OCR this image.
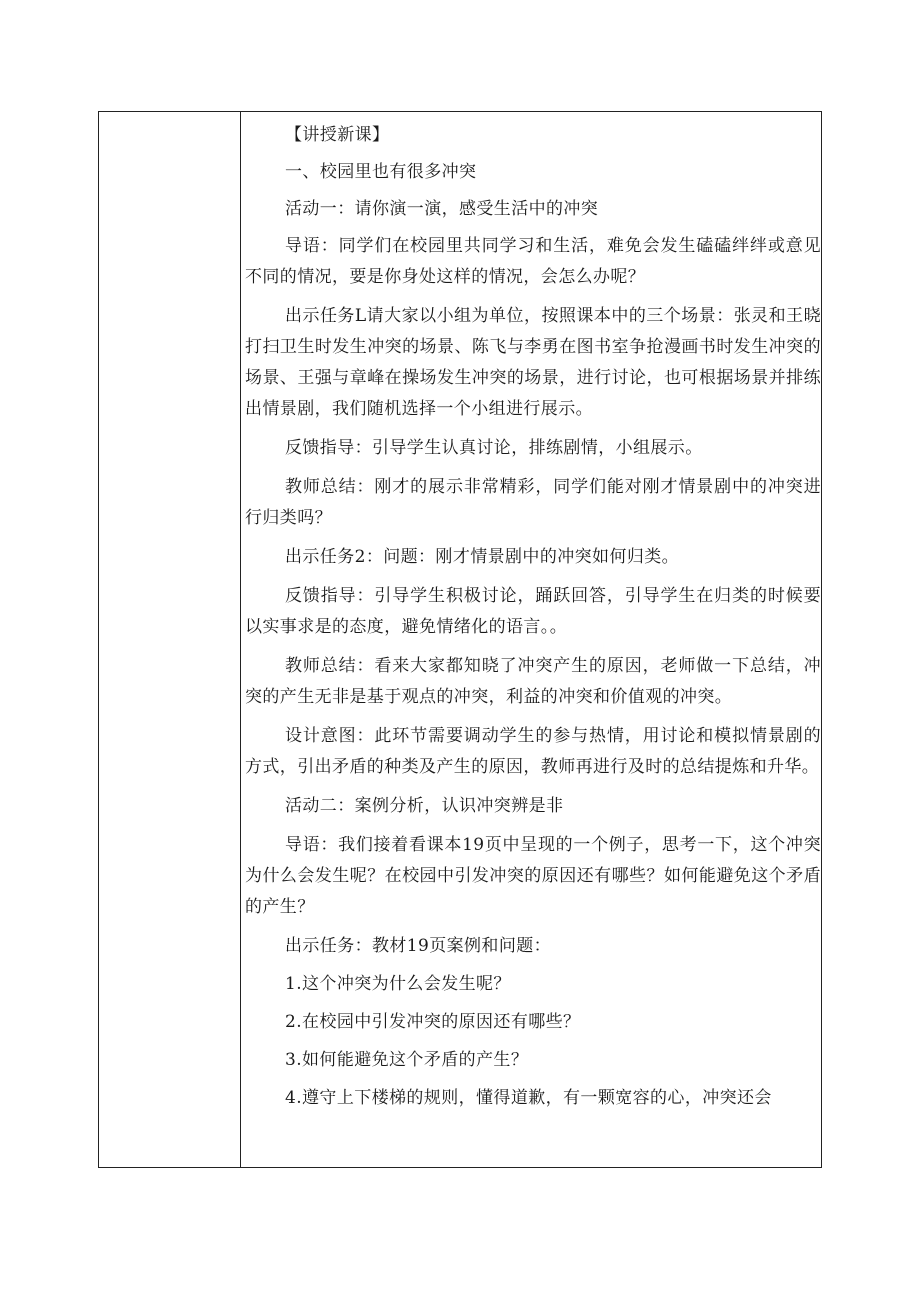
【讲授新课】

一、校园里也有很多冲突

活动一：请你演一演，感受生活中的冲突

导语：同学们在校园里共同学习和生活，难免会发生磕磕绊绊或意见不同的情况，要是你身处这样的情况，会怎么办呢？

出示任务L请大家以小组为单位，按照课本中的三个场景：张灵和王晓打扫卫生时发生冲突的场景、陈飞与李勇在图书室争抢漫画书时发生冲突的场景、王强与章峰在操场发生冲突的场景，进行讨论，也可根据场景并排练出情景剧，我们随机选择一个小组进行展示。

反馈指导：引导学生认真讨论，排练剧情，小组展示。

教师总结：刚才的展示非常精彩，同学们能对刚才情景剧中的冲突进行归类吗？

出示任务2：问题：刚才情景剧中的冲突如何归类。

反馈指导：引导学生积极讨论，踊跃回答，引导学生在归类的时候要以实事求是的态度，避免情绪化的语言。。

教师总结：看来大家都知晓了冲突产生的原因，老师做一下总结，冲突的产生无非是基于观点的冲突，利益的冲突和价值观的冲突。

设计意图：此环节需要调动学生的参与热情，用讨论和模拟情景剧的方式，引出矛盾的种类及产生的原因，教师再进行及时的总结提炼和升华。

活动二：案例分析，认识冲突辨是非

导语：我们接着看课本19页中呈现的一个例子，思考一下，这个冲突为什么会发生呢？在校园中引发冲突的原因还有哪些？如何能避免这个矛盾的产生？

出示任务：教材19页案例和问题：

1.这个冲突为什么会发生呢？

2.在校园中引发冲突的原因还有哪些？

3.如何能避免这个矛盾的产生？

4.遵守上下楼梯的规则，懂得道歉，有一颗宽容的心，冲突还会
